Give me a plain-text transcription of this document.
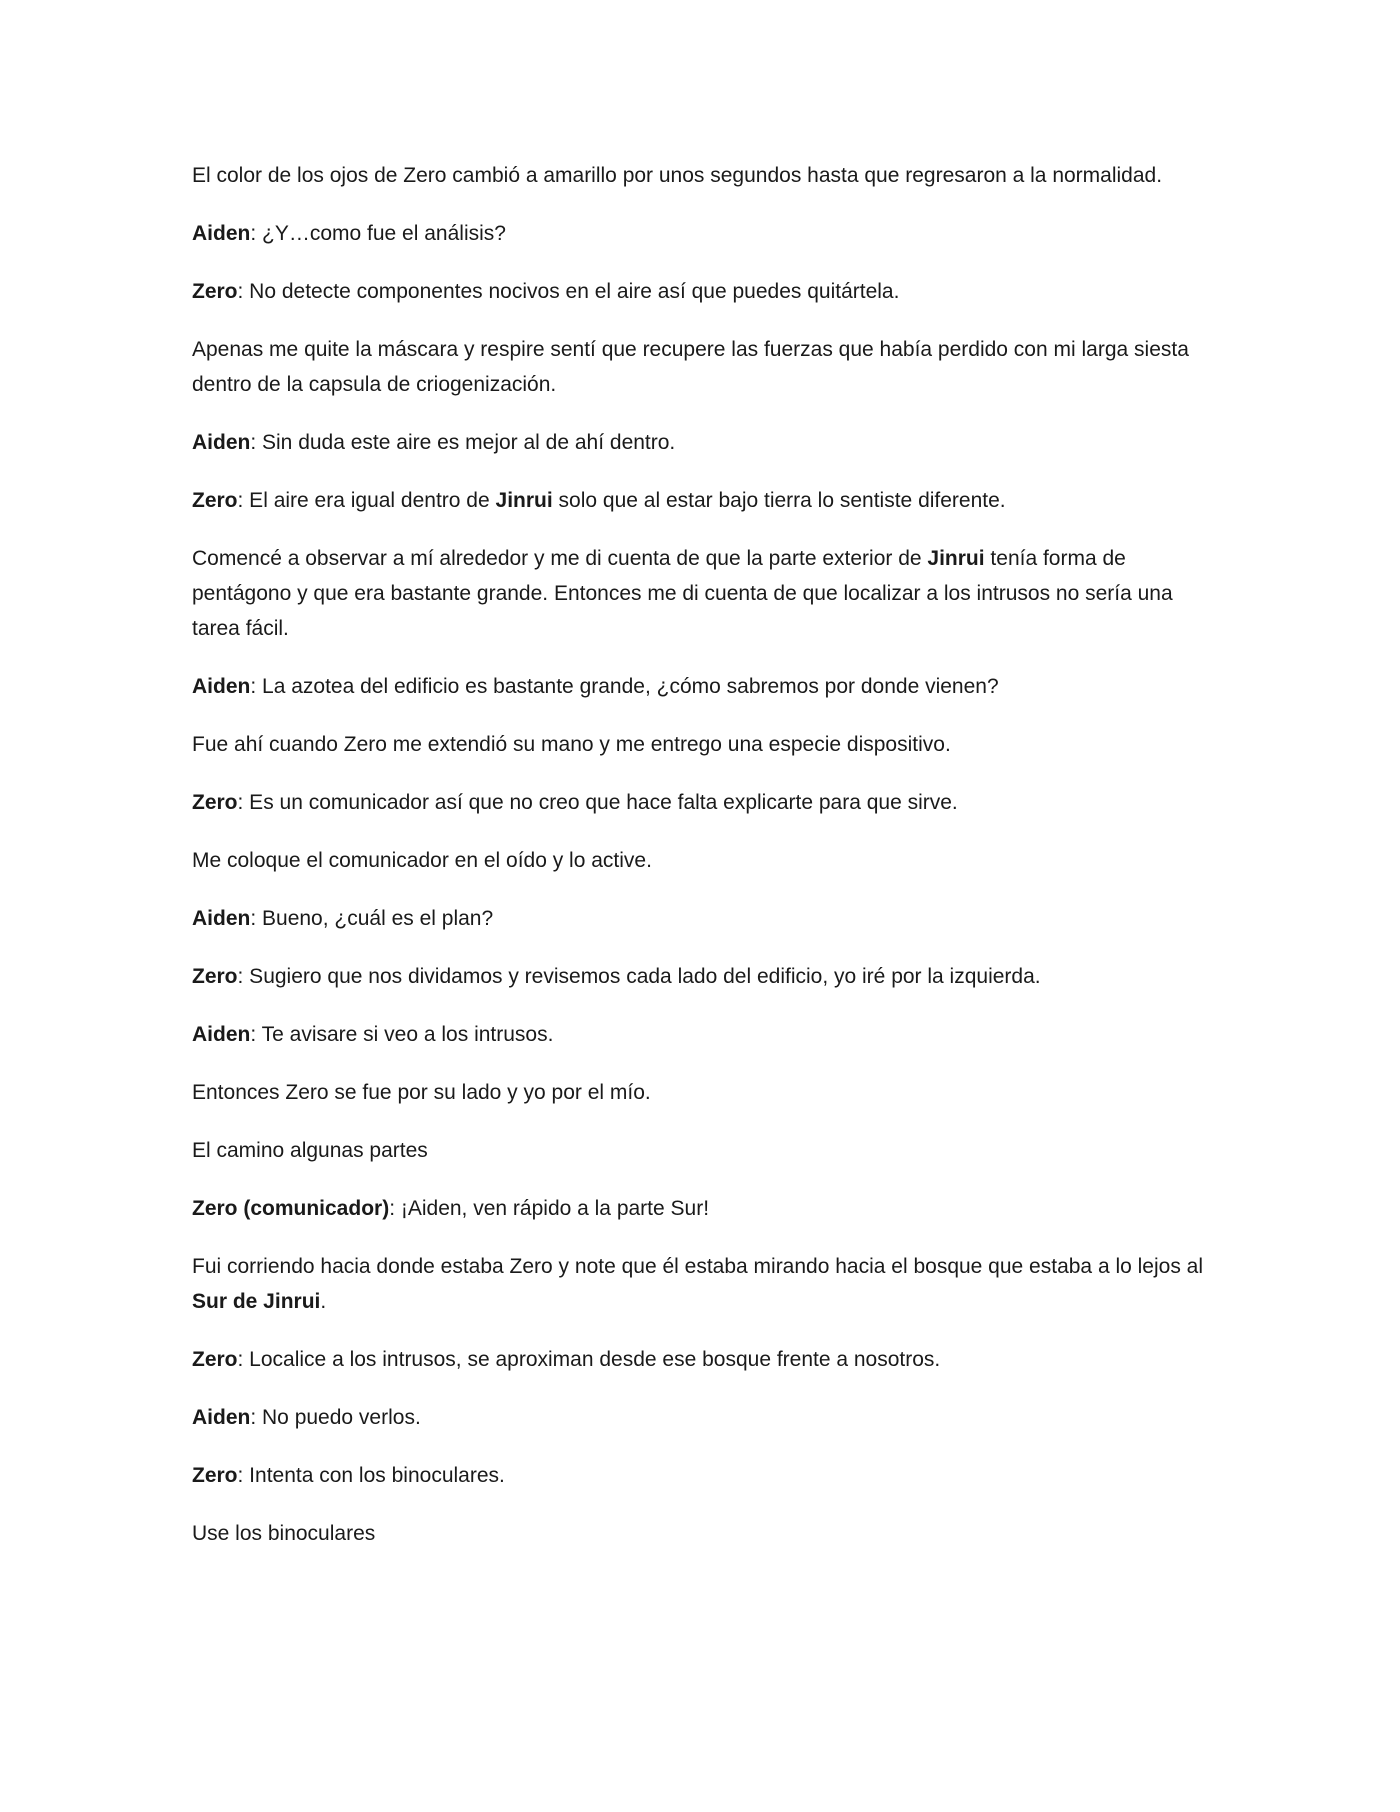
El color de los ojos de Zero cambió a amarillo por unos segundos hasta que regresaron a la normalidad.

Aiden: ¿Y…como fue el análisis?

Zero: No detecte componentes nocivos en el aire así que puedes quitártela.

Apenas me quite la máscara y respire sentí que recupere las fuerzas que había perdido con mi larga siesta dentro de la capsula de criogenización.

Aiden: Sin duda este aire es mejor al de ahí dentro.

Zero: El aire era igual dentro de Jinrui solo que al estar bajo tierra lo sentiste diferente.

Comencé a observar a mí alrededor y me di cuenta de que la parte exterior de Jinrui tenía forma de pentágono y que era bastante grande. Entonces me di cuenta de que localizar a los intrusos no sería una tarea fácil.

Aiden: La azotea del edificio es bastante grande, ¿cómo sabremos por donde vienen?

Fue ahí cuando Zero me extendió su mano y me entrego una especie dispositivo.

Zero: Es un comunicador así que no creo que hace falta explicarte para que sirve.

Me coloque el comunicador en el oído y lo active.

Aiden: Bueno, ¿cuál es el plan?

Zero: Sugiero que nos dividamos y revisemos cada lado del edificio, yo iré por la izquierda.

Aiden: Te avisare si veo a los intrusos.

Entonces Zero se fue por su lado y yo por el mío.

El camino algunas partes

Zero (comunicador): ¡Aiden, ven rápido a la parte Sur!

Fui corriendo hacia donde estaba Zero y note que él estaba mirando hacia el bosque que estaba a lo lejos al Sur de Jinrui.

Zero: Localice a los intrusos, se aproximan desde ese bosque frente a nosotros.

Aiden: No puedo verlos.

Zero: Intenta con los binoculares.

Use los binoculares
